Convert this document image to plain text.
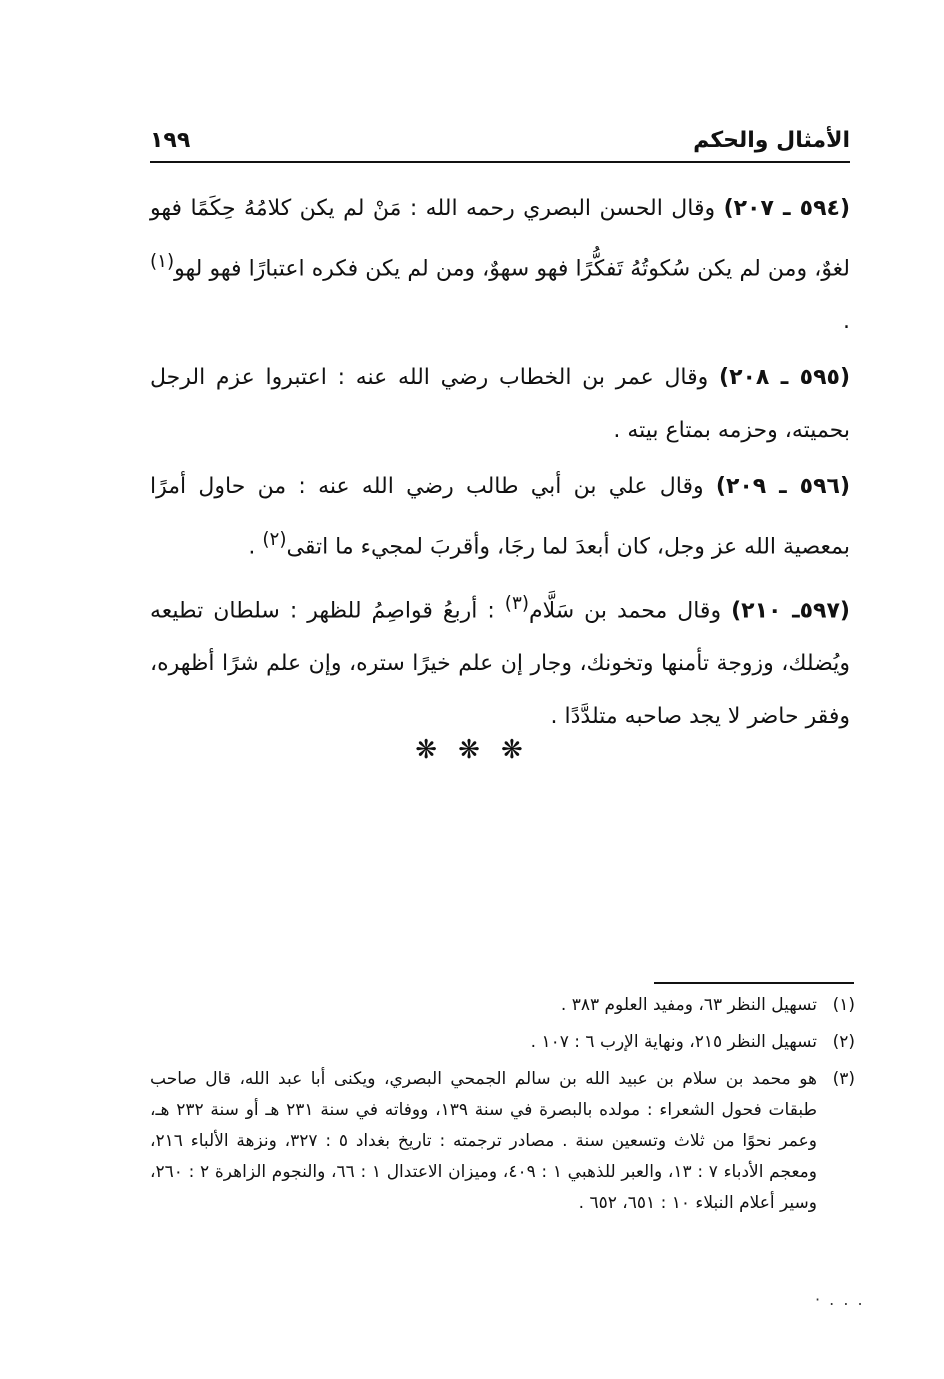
الأمثال والحكم
١٩٩

(٥٩٤ ـ ٢٠٧) وقال الحسن البصري رحمه الله : مَنْ لم يكن كلامُهُ حِكَمًا فهو لغوٌ، ومن لم يكن سُكوتُهُ تَفكُّرًا فهو سهوٌ، ومن لم يكن فكره اعتبارًا فهو لهو$^{(١)}$ .

(٥٩٥ ـ ٢٠٨) وقال عمر بن الخطاب رضي الله عنه : اعتبروا عزم الرجل بحميته، وحزمه بمتاع بيته .

(٥٩٦ ـ ٢٠٩) وقال علي بن أبي طالب رضي الله عنه : من حاول أمرًا بمعصية الله عز وجل، كان أبعدَ لما رجَا، وأقربَ لمجيء ما اتقى$^{(٢)}$ .

(٥٩٧ـ ٢١٠) وقال محمد بن سَلَّام$^{(٣)}$ : أربعُ قواصِمُ للظهر : سلطان تطيعه ويُضلك، وزوجة تأمنها وتخونك، وجار إن علم خيرًا ستره، وإن علم شرًا أظهره، وفقر حاضر لا يجد صاحبه متلدَّدًا .

❋ ❋ ❋
(١)
تسهيل النظر ٦٣، ومفيد العلوم ٣٨٣ .
(٢)
تسهيل النظر ٢١٥، ونهاية الإرب ٦ : ١٠٧ .
(٣)
هو محمد بن سلام بن عبيد الله بن سالم الجمحي البصري، ويكنى أبا عبد الله، قال صاحب طبقات فحول الشعراء : مولده بالبصرة في سنة ١٣٩، ووفاته في سنة ٢٣١ هـ أو سنة ٢٣٢ هـ، وعمر نحوًا من ثلاث وتسعين سنة . مصادر ترجمته : تاريخ بغداد ٥ : ٣٢٧، ونزهة الألباء ٢١٦، ومعجم الأدباء ٧ : ١٣، والعبر للذهبي ١ : ٤٠٩، وميزان الاعتدال ١ : ٦٦، والنجوم الزاهرة ٢ : ٢٦٠، وسير أعلام النبلاء ١٠ : ٦٥١، ٦٥٢ .
· . . .
